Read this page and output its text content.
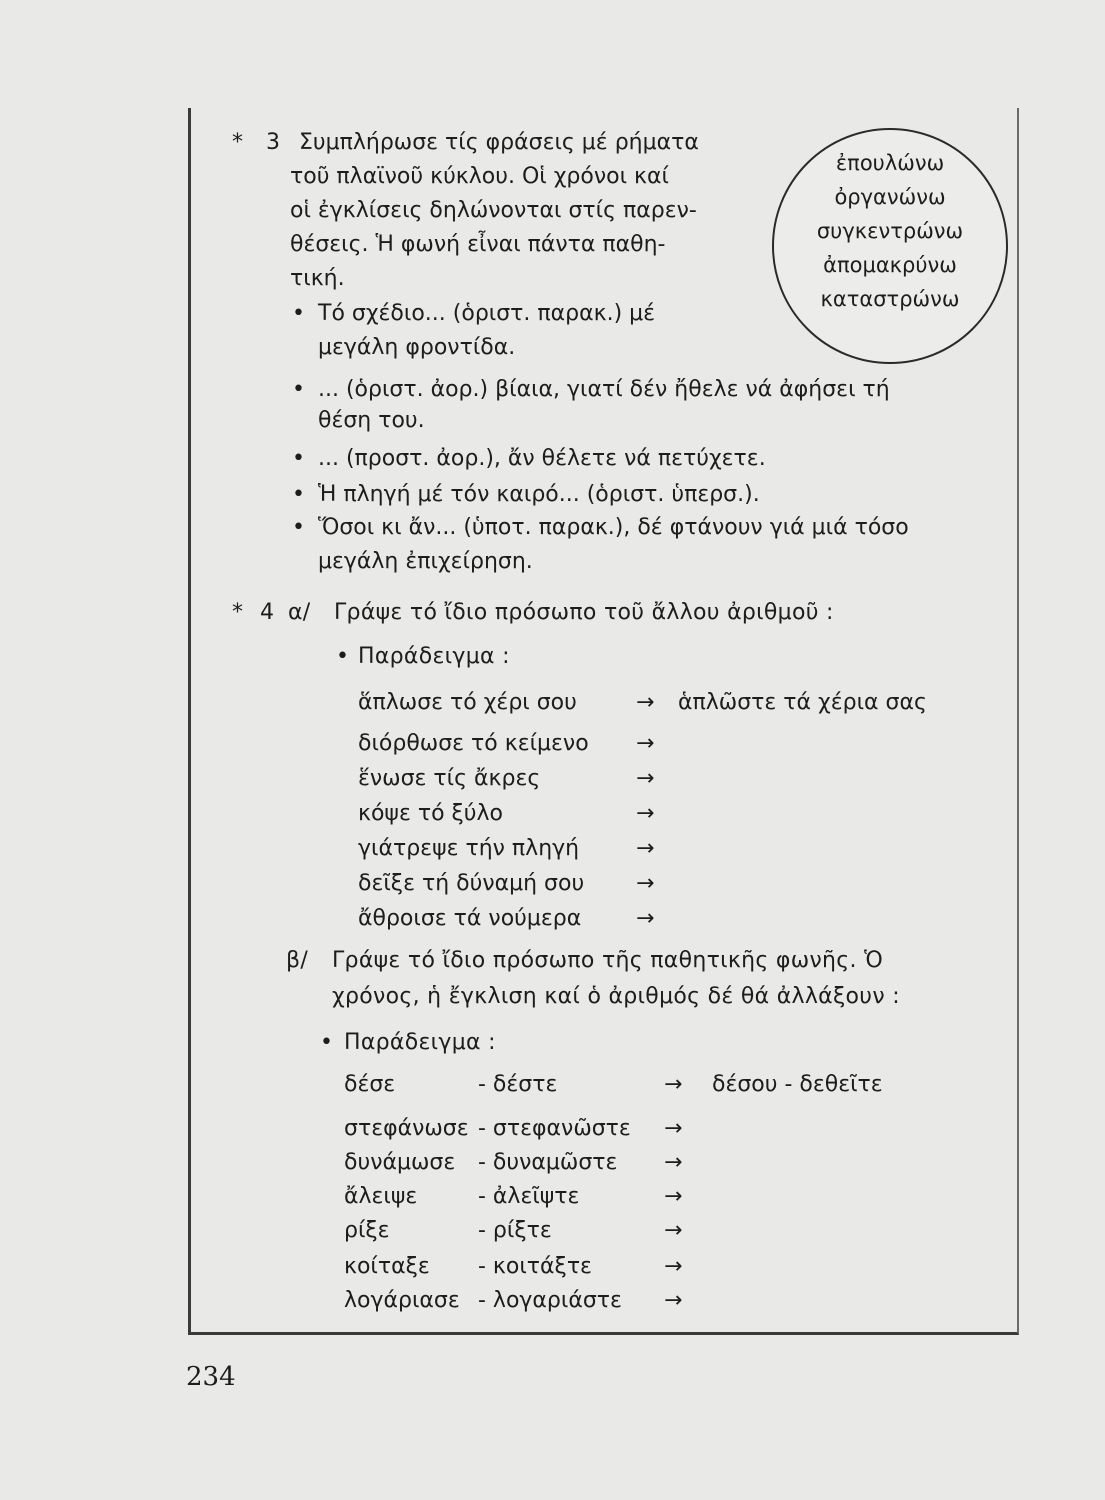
* 3 Συμπλήρωσε τίς φράσεις μέ ρήματα
τοῦ πλαϊνοῦ κύκλου. Οἱ χρόνοι καί
οἱ ἐγκλίσεις δηλώνονται στίς παρεν-
θέσεις. Ἡ φωνή εἶναι πάντα παθη-
τική.
ἐπουλώνω
ὀργανώνω
συγκεντρώνω
ἀπομακρύνω
καταστρώνω
• Τό σχέδιο... (ὁριστ. παρακ.) μέ
μεγάλη φροντίδα.
• ... (ὁριστ. ἀορ.) βίαια, γιατί δέν ἤθελε νά ἀφήσει τή
θέση του.
• ... (προστ. ἀορ.), ἄν θέλετε νά πετύχετε.
• Ἡ πληγή μέ τόν καιρό... (ὁριστ. ὑπερσ.).
• Ὅσοι κι ἄν... (ὑποτ. παρακ.), δέ φτάνουν γιά μιά τόσο
μεγάλη ἐπιχείρηση.
* 4 α/ Γράψε τό ἴδιο πρόσωπο τοῦ ἄλλου ἀριθμοῦ :
• Παράδειγμα :
ἅπλωσε τό χέρι σου	→ ἁπλῶστε τά χέρια σας
διόρθωσε τό κείμενο →
ἕνωσε τίς ἄκρες	→
κόψε τό ξύλο	→
γιάτρεψε τήν πληγή	→
δεῖξε τή δύναμή σου →
ἄθροισε τά νούμερα →
β/ Γράψε τό ἴδιο πρόσωπο τῆς παθητικῆς φωνῆς. Ὁ
χρόνος, ἡ ἔγκλιση καί ὁ ἀριθμός δέ θά ἀλλάξουν :
• Παράδειγμα :
δέσε	- δέστε	→ δέσου - δεθεῖτε
στεφάνωσε - στεφανῶστε →
δυνάμωσε - δυναμῶστε →
ἄλειψε	- ἀλεῖψτε	→
ρίξε	- ρίξτε	→
κοίταξε - κοιτάξτε	→
λογάριασε - λογαριάστε →
234
